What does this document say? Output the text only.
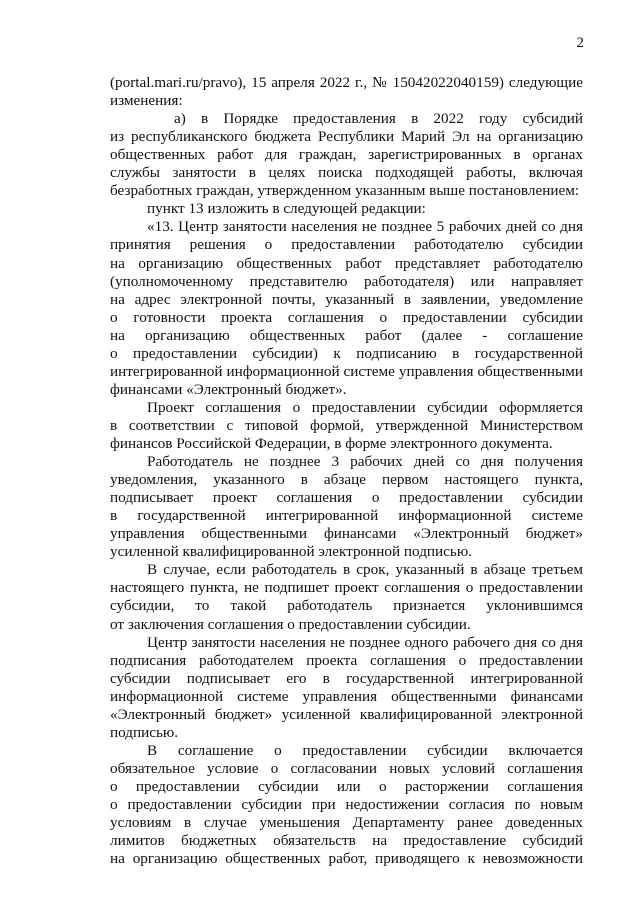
2
(portal.mari.ru/pravo), 15 апреля 2022 г., № 15042022040159) следующие
изменения:
а) в Порядке предоставления в 2022 году субсидий
из республиканского бюджета Республики Марий Эл на организацию
общественных работ для граждан, зарегистрированных в органах
службы занятости в целях поиска подходящей работы, включая
безработных граждан, утвержденном указанным выше постановлением:
пункт 13 изложить в следующей редакции:
«13. Центр занятости населения не позднее 5 рабочих дней со дня
принятия решения о предоставлении работодателю субсидии
на организацию общественных работ представляет работодателю
(уполномоченному представителю работодателя) или направляет
на адрес электронной почты, указанный в заявлении, уведомление
о готовности проекта соглашения о предоставлении субсидии
на организацию общественных работ (далее - соглашение
о предоставлении субсидии) к подписанию в государственной
интегрированной информационной системе управления общественными
финансами «Электронный бюджет».
Проект соглашения о предоставлении субсидии оформляется
в соответствии с типовой формой, утвержденной Министерством
финансов Российской Федерации, в форме электронного документа.
Работодатель не позднее 3 рабочих дней со дня получения
уведомления, указанного в абзаце первом настоящего пункта,
подписывает проект соглашения о предоставлении субсидии
в государственной интегрированной информационной системе
управления общественными финансами «Электронный бюджет»
усиленной квалифицированной электронной подписью.
В случае, если работодатель в срок, указанный в абзаце третьем
настоящего пункта, не подпишет проект соглашения о предоставлении
субсидии, то такой работодатель признается уклонившимся
от заключения соглашения о предоставлении субсидии.
Центр занятости населения не позднее одного рабочего дня со дня
подписания работодателем проекта соглашения о предоставлении
субсидии подписывает его в государственной интегрированной
информационной системе управления общественными финансами
«Электронный бюджет» усиленной квалифицированной электронной
подписью.
В соглашение о предоставлении субсидии включается
обязательное условие о согласовании новых условий соглашения
о предоставлении субсидии или о расторжении соглашения
о предоставлении субсидии при недостижении согласия по новым
условиям в случае уменьшения Департаменту ранее доведенных
лимитов бюджетных обязательств на предоставление субсидий
на организацию общественных работ, приводящего к невозможности
